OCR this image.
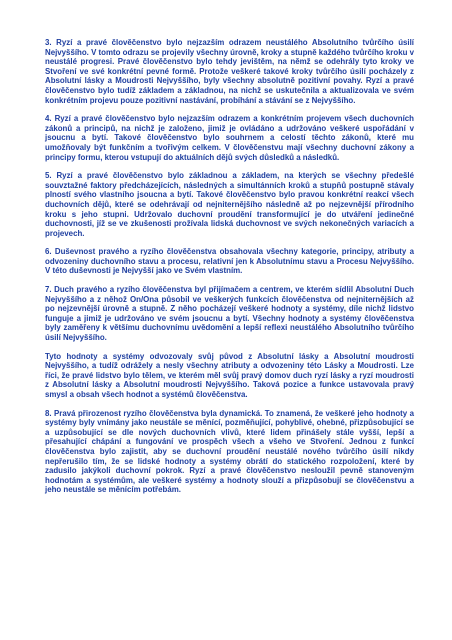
3. Ryzí a pravé člověčenstvo bylo nejzazším odrazem neustálého Absolutního tvůrčího úsilí Nejvyššího. V tomto odrazu se projevily všechny úrovně, kroky a stupně každého tvůrčího kroku v neustálé progresi. Pravé člověčenstvo bylo tehdy jevištěm, na němž se odehrály tyto kroky ve Stvoření ve své konkrétní pevné formě. Protože veškeré takové kroky tvůrčího úsilí pocházely z Absolutní lásky a Moudrosti Nejvyššího, byly všechny absolutně pozitivní povahy. Ryzí a pravé člověčenstvo bylo tudíž základem a základnou, na nichž se uskutečnila a aktualizovala ve svém konkrétním projevu pouze pozitivní nastávání, probíhání a stávání se z Nejvyššího.

4. Ryzí a pravé člověčenstvo bylo nejzazším odrazem a konkrétním projevem všech duchovních zákonů a principů, na nichž je založeno, jimiž je ovládáno a udržováno veškeré uspořádání v jsoucnu a bytí. Takové člověčenstvo bylo souhrnem a celostí těchto zákonů, které mu umožňovaly být funkčním a tvořivým celkem. V člověčenstvu mají všechny duchovní zákony a principy formu, kterou vstupují do aktuálních dějů svých důsledků a následků.

5. Ryzí a pravé člověčenstvo bylo základnou a základem, na kterých se všechny předešlé souvztažné faktory předcházejících, následných a simultánních kroků a stupňů postupně stávaly plností svého vlastního jsoucna a bytí. Takové člověčenstvo bylo pravou konkrétní reakcí všech duchovních dějů, které se odehrávají od nejniternějšího následně až po nejzevnější přírodního kroku s jeho stupni. Udržovalo duchovní proudění transformující je do utváření jedinečné duchovnosti, jíž se ve zkušenosti prožívala lidská duchovnost ve svých nekonečných variacích a projevech.

6. Duševnost pravého a ryzího člověčenstva obsahovala všechny kategorie, principy, atributy a odvozeniny duchovního stavu a procesu, relativní jen k Absolutnímu stavu a Procesu Nejvyššího. V této duševnosti je Nejvyšší jako ve Svém vlastním.

7. Duch pravého a ryzího člověčenstva byl přijímačem a centrem, ve kterém sídlil Absolutní Duch Nejvyššího a z něhož On/Ona působil ve veškerých funkcích člověčenstva od nejniternějších až po nejzevnější úrovně a stupně. Z něho pocházejí veškeré hodnoty a systémy, díle nichž lidstvo funguje a jimiž je udržováno ve svém jsoucnu a bytí. Všechny hodnoty a systémy člověčenstva byly zaměřeny k většímu duchovnímu uvědomění a lepší reflexi neustálého Absolutního tvůrčího úsilí Nejvyššího.

Tyto hodnoty a systémy odvozovaly svůj původ z Absolutní lásky a Absolutní moudrosti Nejvyššího, a tudíž odrážely a nesly všechny atributy a odvozeniny této Lásky a Moudrosti. Lze říci, že pravé lidstvo bylo tělem, ve kterém měl svůj pravý domov duch ryzí lásky a ryzí moudrosti z Absolutní lásky a Absolutní moudrosti Nejvyššího. Taková pozice a funkce ustavovala pravý smysl a obsah všech hodnot a systémů člověčenstva.

8. Pravá přirozenost ryzího člověčenstva byla dynamická. To znamená, že veškeré jeho hodnoty a systémy byly vnímány jako neustále se měnící, pozměňující, pohyblivé, ohebné, přizpůsobující se a uzpůsobující se dle nových duchovních vlivů, které lidem přinášely stále vyšší, lepší a přesahující chápání a fungování ve prospěch všech a všeho ve Stvoření. Jednou z funkcí člověčenstva bylo zajistit, aby se duchovní proudění neustálé nového tvůrčího úsilí nikdy nepřerušilo tím, že se lidské hodnoty a systémy obrátí do statického rozpoložení, které by zadusilo jakýkoli duchovní pokrok. Ryzí a pravé člověčenstvo nesloužil pevně stanoveným hodnotám a systémům, ale veškeré systémy a hodnoty slouží a přizpůsobují se člověčenstvu a jeho neustále se měnícím potřebám.
